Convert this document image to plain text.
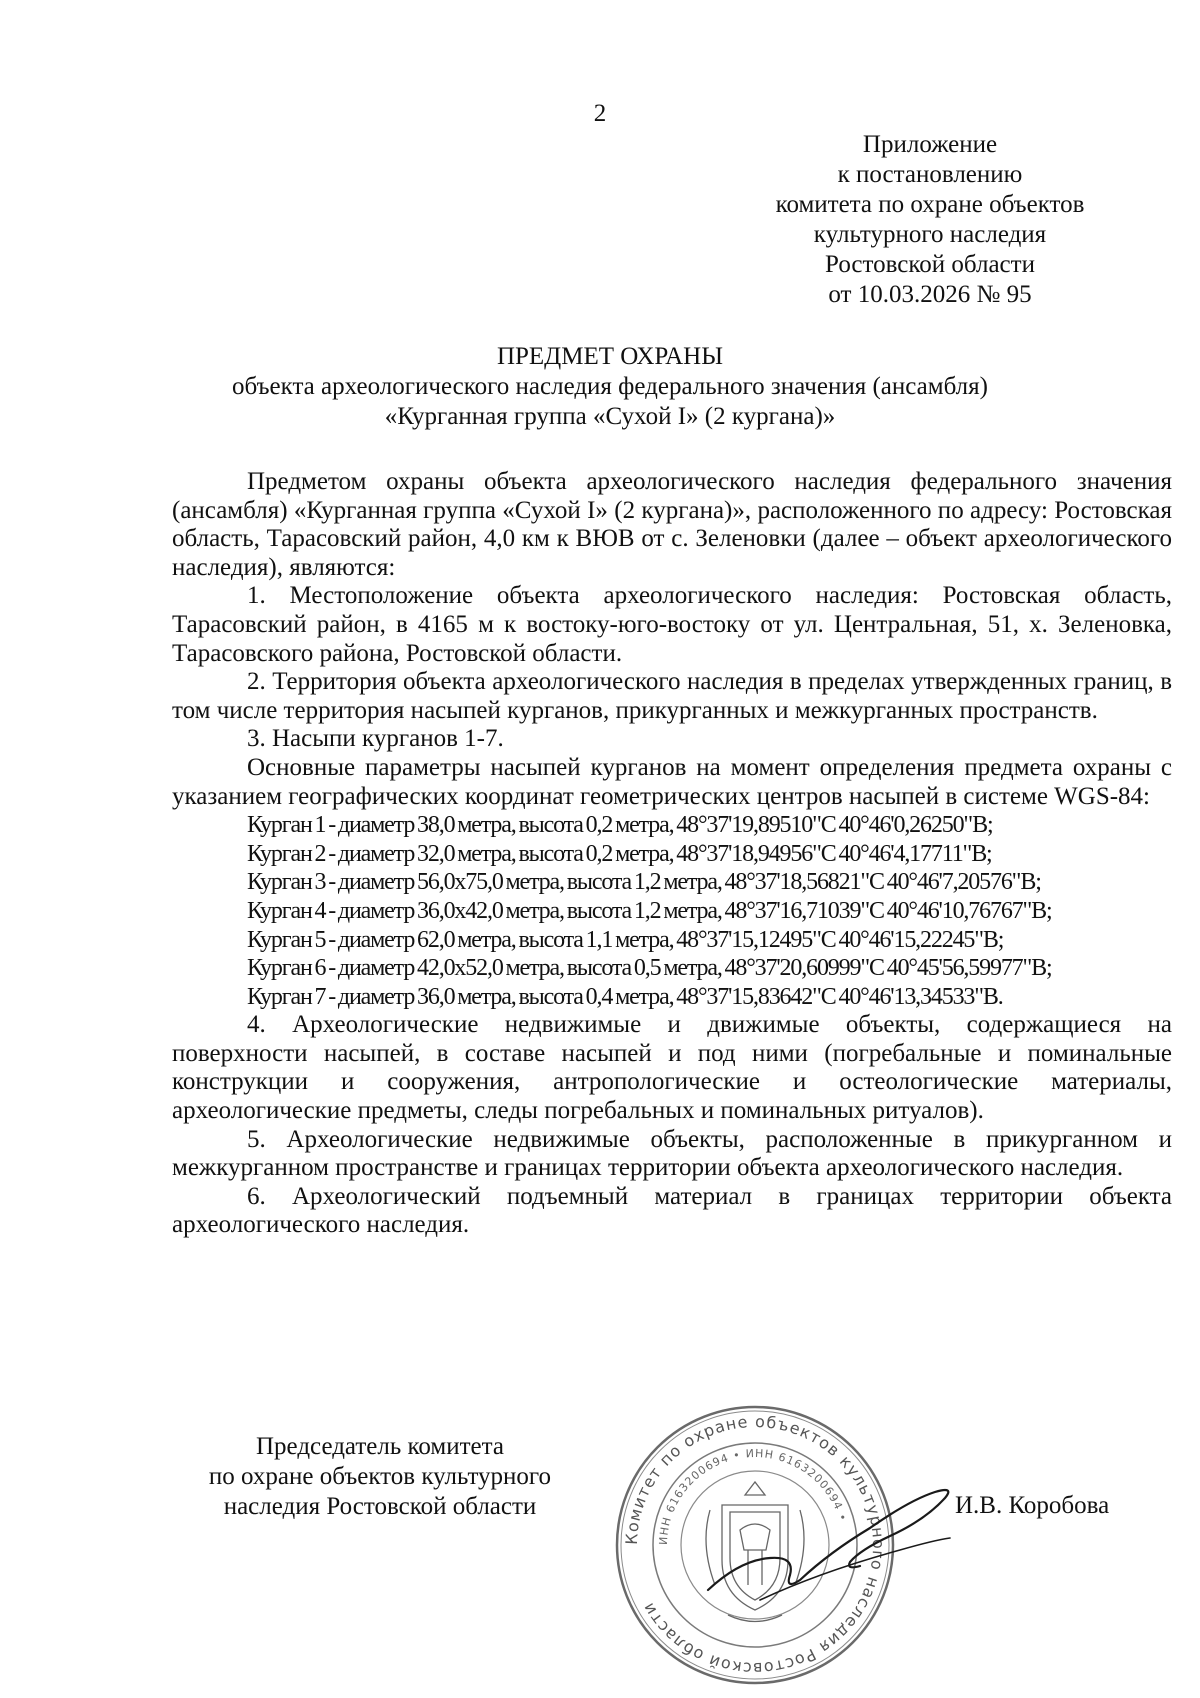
2
Приложение
к постановлению
комитета по охране объектов
культурного наследия
Ростовской области
от 10.03.2026 № 95
ПРЕДМЕТ ОХРАНЫ
объекта археологического наследия федерального значения (ансамбля)
«Курганная группа «Сухой I» (2 кургана)»

Предметом охраны объекта археологического наследия федерального значения (ансамбля) «Курганная группа «Сухой I» (2 кургана)», расположенного по адресу: Ростовская область, Тарасовский район, 4,0 км к ВЮВ от с. Зеленовки (далее – объект археологического наследия), являются:

1. Местоположение объекта археологического наследия: Ростовская область, Тарасовский район, в 4165 м к востоку-юго-востоку от ул. Центральная, 51, х. Зеленовка, Тарасовского района, Ростовской области.

2. Территория объекта археологического наследия в пределах утвержденных границ, в том числе территория насыпей курганов, прикурганных и межкурганных пространств.

3. Насыпи курганов 1-7.

Основные параметры насыпей курганов на момент определения предмета охраны с указанием географических координат геометрических центров насыпей в системе WGS-84:

Курган 1 - диаметр 38,0 метра, высота 0,2 метра, 48°37'19,89510"С 40°46'0,26250"В;

Курган 2 - диаметр 32,0 метра, высота 0,2 метра, 48°37'18,94956"С 40°46'4,17711"В;

Курган 3 - диаметр 56,0х75,0 метра, высота 1,2 метра, 48°37'18,56821"С 40°46'7,20576"В;

Курган 4 - диаметр 36,0х42,0 метра, высота 1,2 метра, 48°37'16,71039"С 40°46'10,76767"В;

Курган 5 - диаметр 62,0 метра, высота 1,1 метра, 48°37'15,12495"С 40°46'15,22245"В;

Курган 6 - диаметр 42,0х52,0 метра, высота 0,5 метра, 48°37'20,60999"С 40°45'56,59977"В;

Курган 7 - диаметр 36,0 метра, высота 0,4 метра, 48°37'15,83642"С 40°46'13,34533"В.

4. Археологические недвижимые и движимые объекты, содержащиеся на поверхности насыпей, в составе насыпей и под ними (погребальные и поминальные конструкции и сооружения, антропологические и остеологические материалы, археологические предметы, следы погребальных и поминальных ритуалов).

5. Археологические недвижимые объекты, расположенные в прикурганном и межкурганном пространстве и границах территории объекта археологического наследия.

6. Археологический подъемный материал в границах территории объекта археологического наследия.

Председатель комитета
по охране объектов культурного
наследия Ростовской области
Комитет по охране объектов культурного наследия Ростовской области
ИНН 6163200694 • ИНН 6163200694 •	И.В. Коробова
